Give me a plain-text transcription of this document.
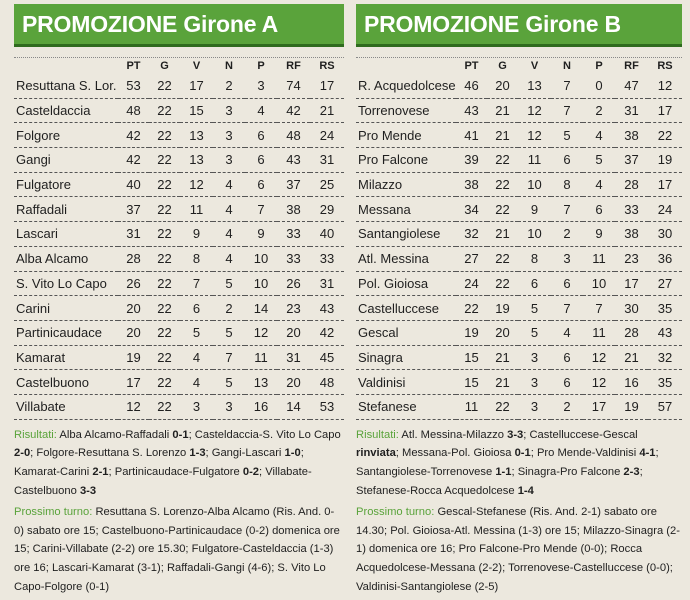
PROMOZIONE Girone A
	PT	G	V	N	P	RF	RS
Resuttana S. Lor.	53	22	17	2	3	74	17
Casteldaccia	48	22	15	3	4	42	21
Folgore	42	22	13	3	6	48	24
Gangi	42	22	13	3	6	43	31
Fulgatore	40	22	12	4	6	37	25
Raffadali	37	22	11	4	7	38	29
Lascari	31	22	9	4	9	33	40
Alba Alcamo	28	22	8	4	10	33	33
S. Vito Lo Capo	26	22	7	5	10	26	31
Carini	20	22	6	2	14	23	43
Partinicaudace	20	22	5	5	12	20	42
Kamarat	19	22	4	7	11	31	45
Castelbuono	17	22	4	5	13	20	48
Villabate	12	22	3	3	16	14	53

Risultati: Alba Alcamo-Raffadali 0-1; Casteldaccia-S. Vito Lo Capo 2-0; Folgore-Resuttana S. Lorenzo 1-3; Gangi-Lascari 1-0; Kamarat-Carini 2-1; Partinicaudace-Fulgatore 0-2; Villabate-Castelbuono 3-3

Prossimo turno: Resuttana S. Lorenzo-Alba Alcamo (Ris. And. 0-0) sabato ore 15; Castelbuono-Partinicaudace (0-2) domenica ore 15; Carini-Villabate (2-2) ore 15.30; Fulgatore-Casteldaccia (1-3) ore 16; Lascari-Kamarat (3-1); Raffadali-Gangi (4-6); S. Vito Lo Capo-Folgore (0-1)

PROMOZIONE Girone B
	PT	G	V	N	P	RF	RS
R. Acquedolcese	46	20	13	7	0	47	12
Torrenovese	43	21	12	7	2	31	17
Pro Mende	41	21	12	5	4	38	22
Pro Falcone	39	22	11	6	5	37	19
Milazzo	38	22	10	8	4	28	17
Messana	34	22	9	7	6	33	24
Santangiolese	32	21	10	2	9	38	30
Atl. Messina	27	22	8	3	11	23	36
Pol. Gioiosa	24	22	6	6	10	17	27
Castelluccese	22	19	5	7	7	30	35
Gescal	19	20	5	4	11	28	43
Sinagra	15	21	3	6	12	21	32
Valdinisi	15	21	3	6	12	16	35
Stefanese	11	22	3	2	17	19	57

Risultati: Atl. Messina-Milazzo 3-3; Castelluccese-Gescal rinviata; Messana-Pol. Gioiosa 0-1; Pro Mende-Valdinisi 4-1; Santangiolese-Torrenovese 1-1; Sinagra-Pro Falcone 2-3; Stefanese-Rocca Acquedolcese 1-4

Prossimo turno: Gescal-Stefanese (Ris. And. 2-1) sabato ore 14.30; Pol. Gioiosa-Atl. Messina (1-3) ore 15; Milazzo-Sinagra (2-1) domenica ore 16; Pro Falcone-Pro Mende (0-0); Rocca Acquedolcese-Messana (2-2); Torrenovese-Castelluccese (0-0); Valdinisi-Santangiolese (2-5)
